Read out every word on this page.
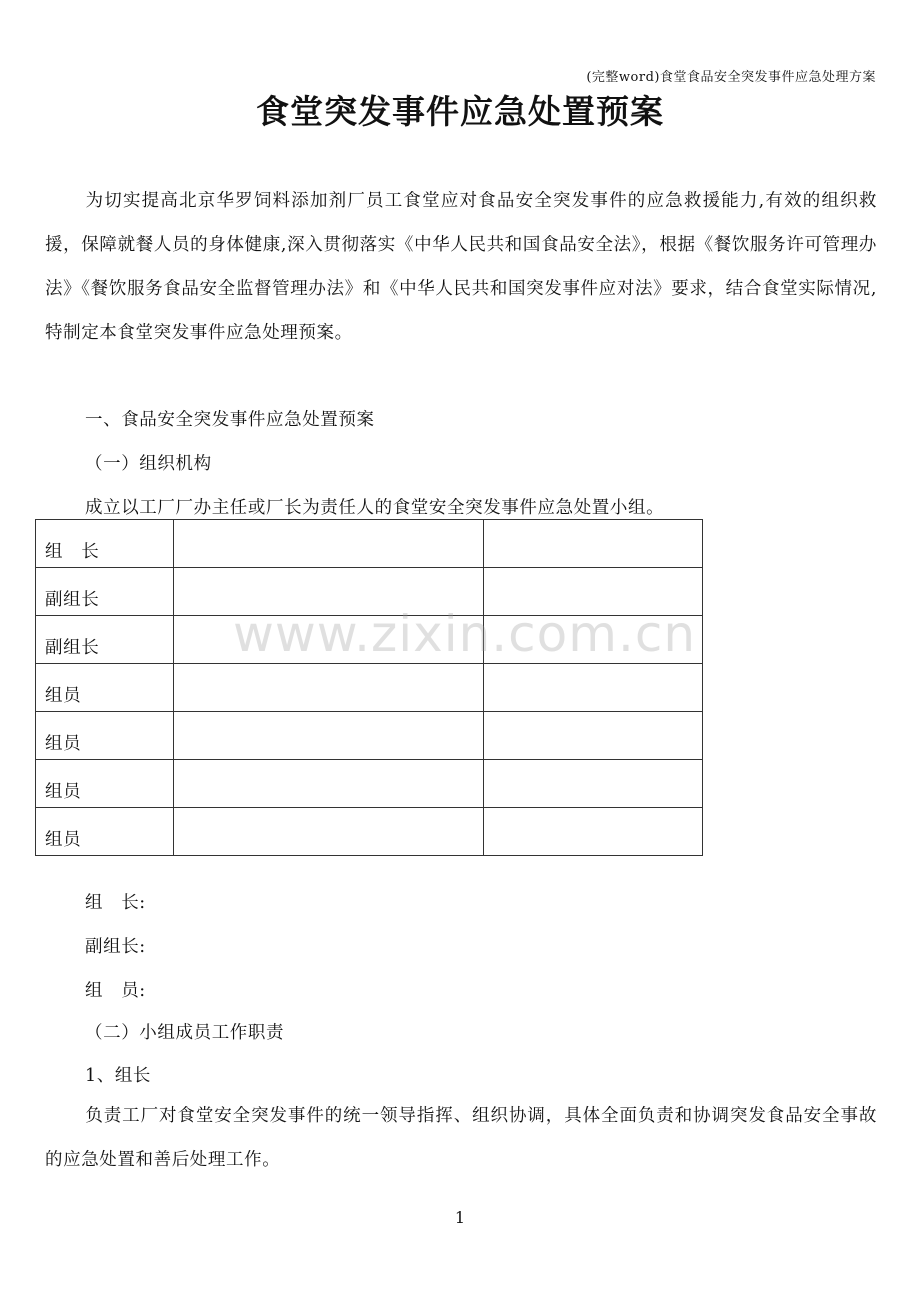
(完整word)食堂食品安全突发事件应急处理方案
食堂突发事件应急处置预案
为切实提高北京华罗饲料添加剂厂员工食堂应对食品安全突发事件的应急救援能力,有效的组织救援，保障就餐人员的身体健康,深入贯彻落实《中华人民共和国食品安全法》，根据《餐饮服务许可管理办法》《餐饮服务食品安全监督管理办法》和《中华人民共和国突发事件应对法》要求，结合食堂实际情况,特制定本食堂突发事件应急处理预案。
一、食品安全突发事件应急处置预案
（一）组织机构
成立以工厂厂办主任或厂长为责任人的食堂安全突发事件应急处置小组。
组　长		
副组长		
副组长		
组员		
组员		
组员		
组员		
www.zixin.com.cn
组　长:
副组长:
组　员:
（二）小组成员工作职责
1、组长
负责工厂对食堂安全突发事件的统一领导指挥、组织协调，具体全面负责和协调突发食品安全事故的应急处置和善后处理工作。
1
